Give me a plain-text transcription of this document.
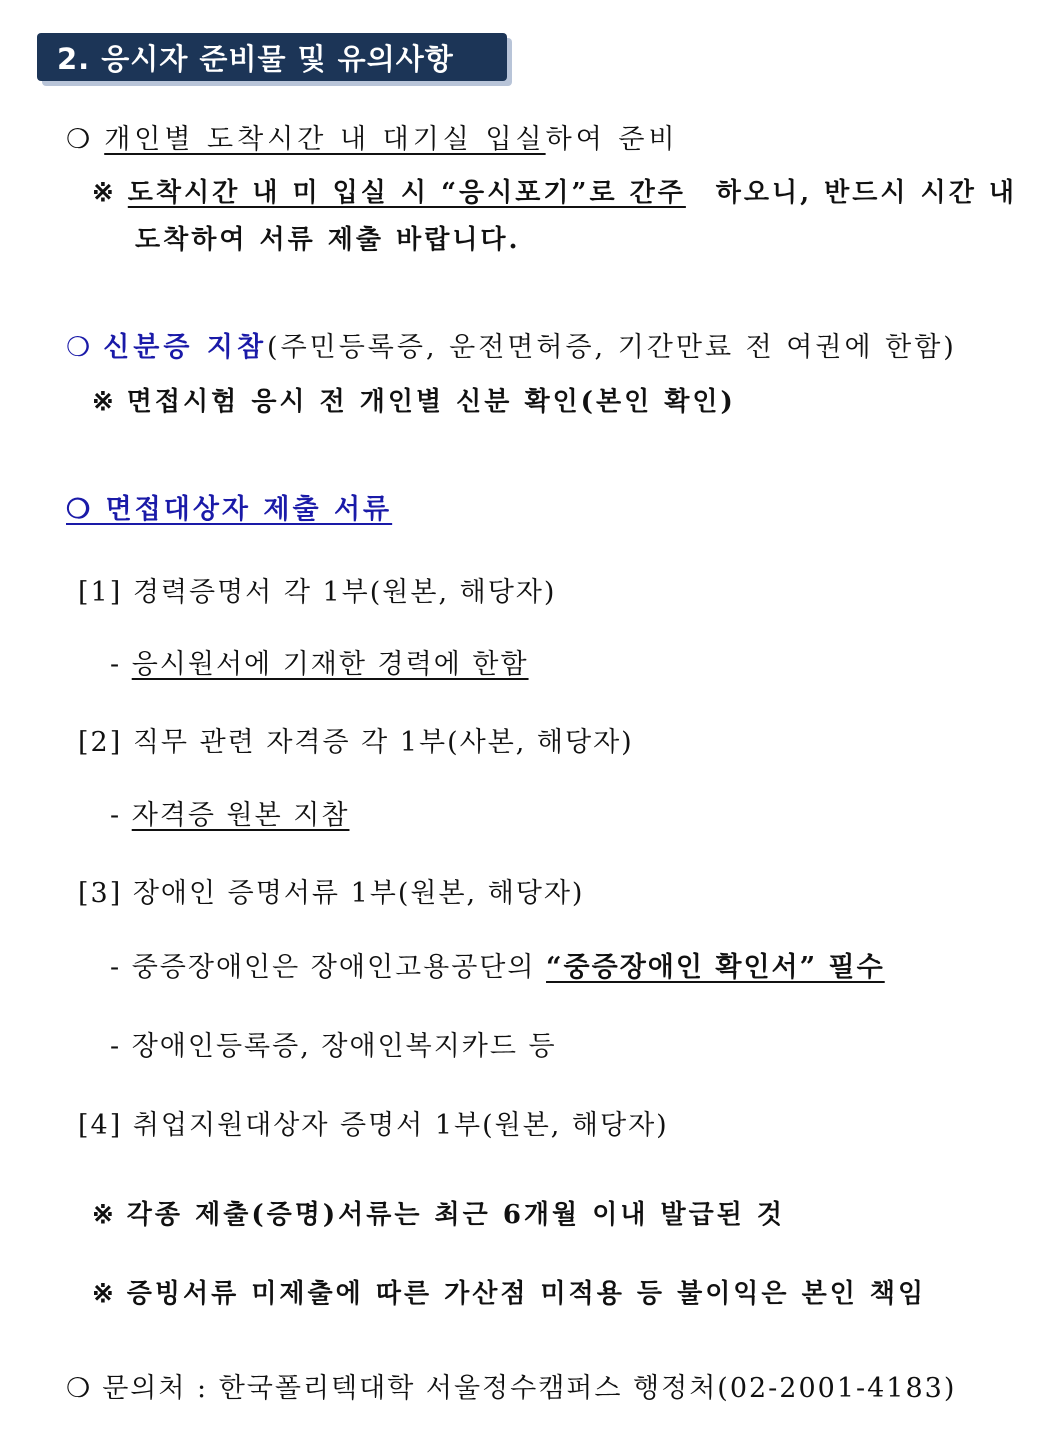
2. 응시자 준비물 및 유의사항
❍ 개인별 도착시간 내 대기실 입실하여 준비
※ 도착시간 내 미 입실 시 “응시포기”로 간주	하오니, 반드시 시간 내
도착하여 서류 제출 바랍니다.
❍ 신분증 지참(주민등록증, 운전면허증, 기간만료 전 여권에 한함)
※ 면접시험 응시 전 개인별 신분 확인(본인 확인)
❍ 면접대상자 제출 서류
[1] 경력증명서 각 1부(원본, 해당자)
- 응시원서에 기재한 경력에 한함
[2] 직무 관련 자격증 각 1부(사본, 해당자)
- 자격증 원본 지참
[3] 장애인 증명서류 1부(원본, 해당자)
- 중증장애인은 장애인고용공단의 “중증장애인 확인서” 필수
- 장애인등록증, 장애인복지카드 등
[4] 취업지원대상자 증명서 1부(원본, 해당자)
※ 각종 제출(증명)서류는 최근 6개월 이내 발급된 것
※ 증빙서류 미제출에 따른 가산점 미적용 등 불이익은 본인 책임
❍ 문의처 : 한국폴리텍대학 서울정수캠퍼스 행정처(02-2001-4183)
